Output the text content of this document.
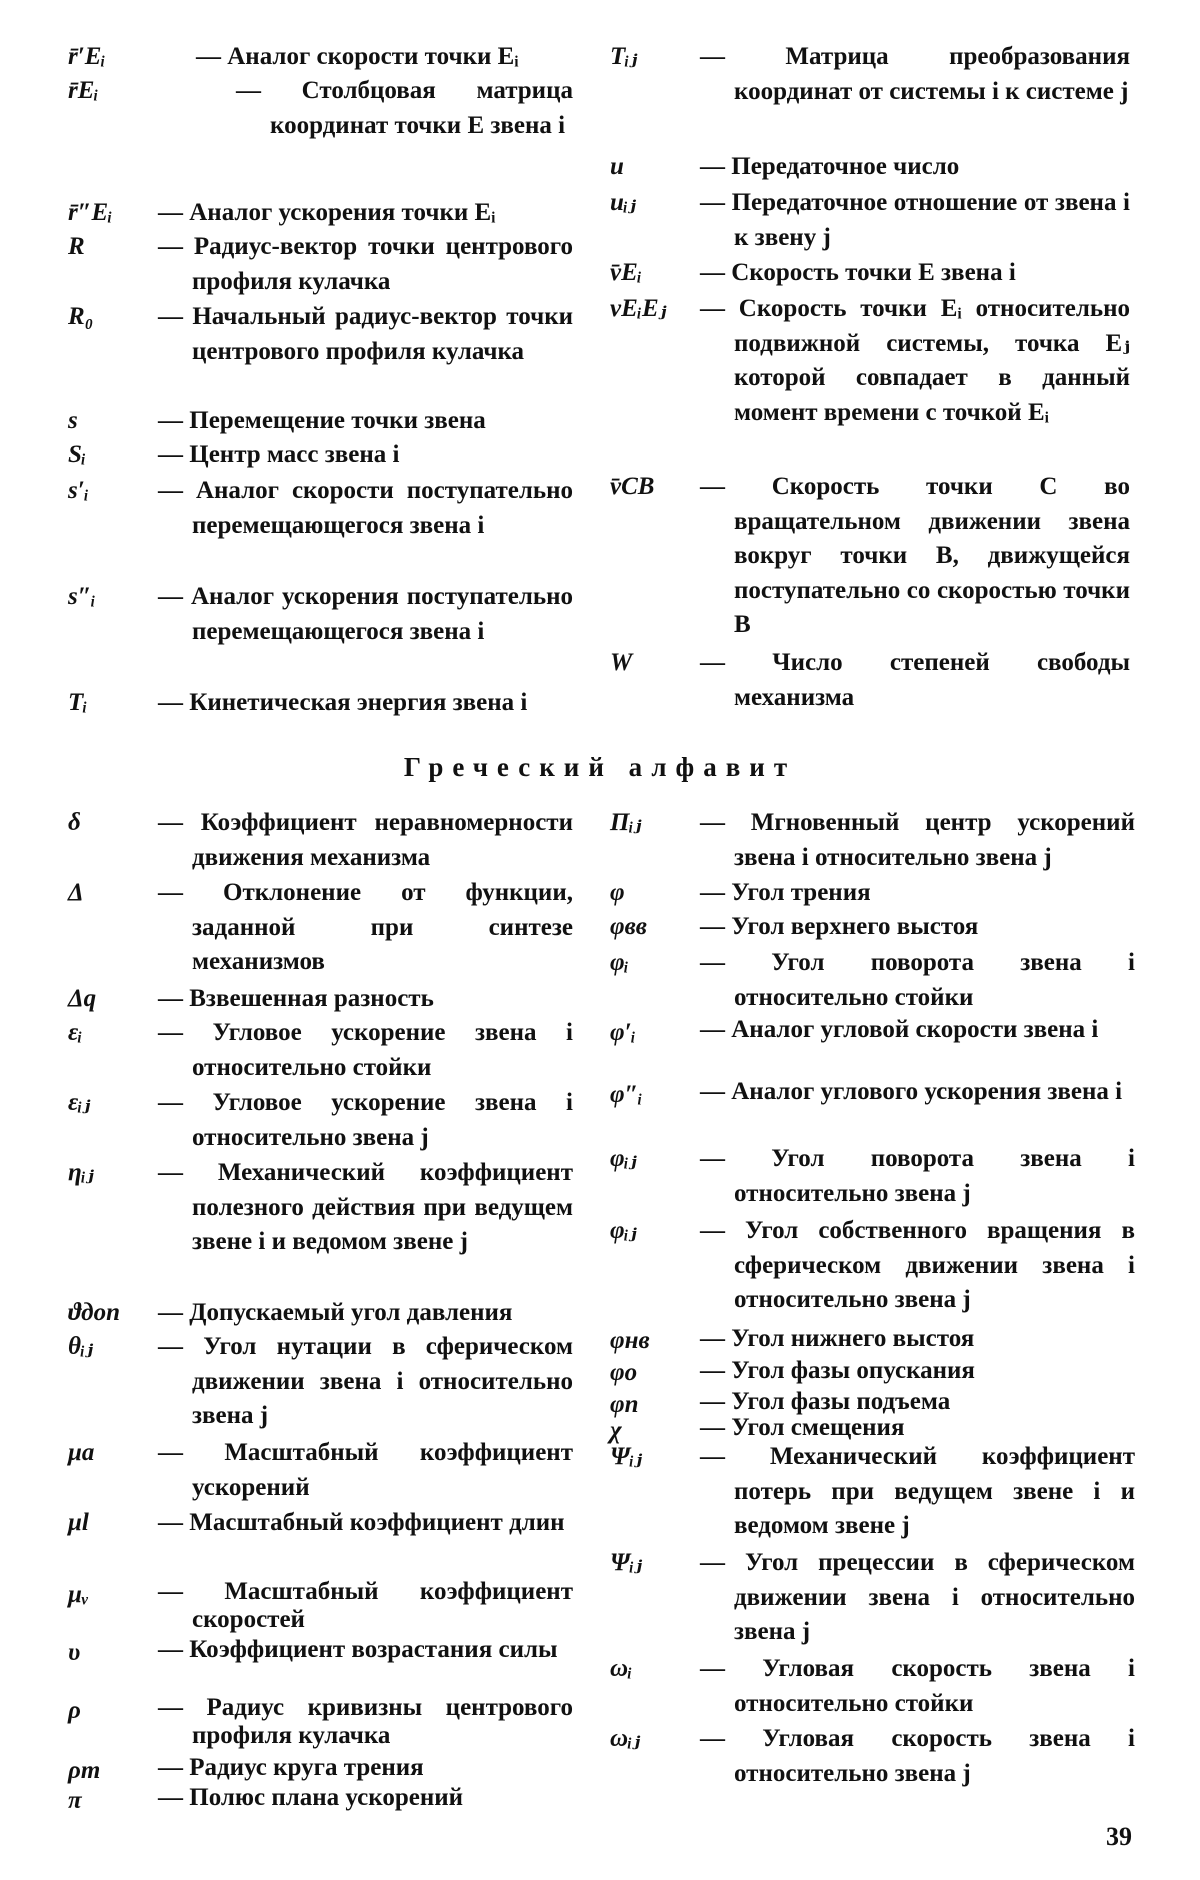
r̄′Eᵢ	— Аналог скорости точки Eᵢ
r̄Eᵢ	— Столбцовая матрица координат точки E звена i
r̄″Eᵢ	— Аналог ускорения точки Eᵢ
R	— Радиус-вектор точки центрового профиля кулачка
R₀	— Начальный радиус-вектор точки центрового профиля кулачка
s	— Перемещение точки звена
Sᵢ	— Центр масс звена i
s′ᵢ	— Аналог скорости поступательно перемещающегося звена i
s″ᵢ	— Аналог ускорения поступательно перемещающегося звена i
Tᵢ	— Кинетическая энергия звена i
Tᵢⱼ	— Матрица преобразования координат от системы i к системе j
u	— Передаточное число
uᵢⱼ	— Передаточное отношение от звена i к звену j
v̄Eᵢ	— Скорость точки E звена i
vEᵢEⱼ	— Скорость точки Eᵢ относительно подвижной системы, точка Eⱼ которой совпадает в данный момент времени с точкой Eᵢ
v̄CB	— Скорость точки C во вращательном движении звена вокруг точки B, движущейся поступательно со скоростью точки B
W	— Число степеней свободы механизма
Греческий алфавит
δ	— Коэффициент неравномерности движения механизма
Δ	— Отклонение от функции, заданной при синтезе механизмов
Δq	— Взвешенная разность
εᵢ	— Угловое ускорение звена i относительно стойки
εᵢⱼ	— Угловое ускорение звена i относительно звена j
ηᵢⱼ	— Механический коэффициент полезного действия при ведущем звене i и ведомом звене j
ϑдоп	— Допускаемый угол давления
θᵢⱼ	— Угол нутации в сферическом движении звена i относительно звена j
μa	— Масштабный коэффициент ускорений
μl	— Масштабный коэффициент длин
μᵥ	— Масштабный коэффициент скоростей
υ	— Коэффициент возрастания силы
ρ	— Радиус кривизны центрового профиля кулачка
ρт	— Радиус круга трения
π	— Полюс плана ускорений
Πᵢⱼ	— Мгновенный центр ускорений звена i относительно звена j
φ	— Угол трения
φвв	— Угол верхнего выстоя
φᵢ	— Угол поворота звена i относительно стойки
φ′ᵢ	— Аналог угловой скорости звена i
φ″ᵢ	— Аналог углового ускорения звена i
φᵢⱼ	— Угол поворота звена i относительно звена j
φᵢⱼ	— Угол собственного вращения в сферическом движении звена i относительно звена j
φнв	— Угол нижнего выстоя
φо	— Угол фазы опускания
φп	— Угол фазы подъема
χ	— Угол смещения
Ψᵢⱼ	— Механический коэффициент потерь при ведущем звене i и ведомом звене j
Ψᵢⱼ	— Угол прецессии в сферическом движении звена i относительно звена j
ωᵢ	— Угловая скорость звена i относительно стойки
ωᵢⱼ	— Угловая скорость звена i относительно звена j
39
